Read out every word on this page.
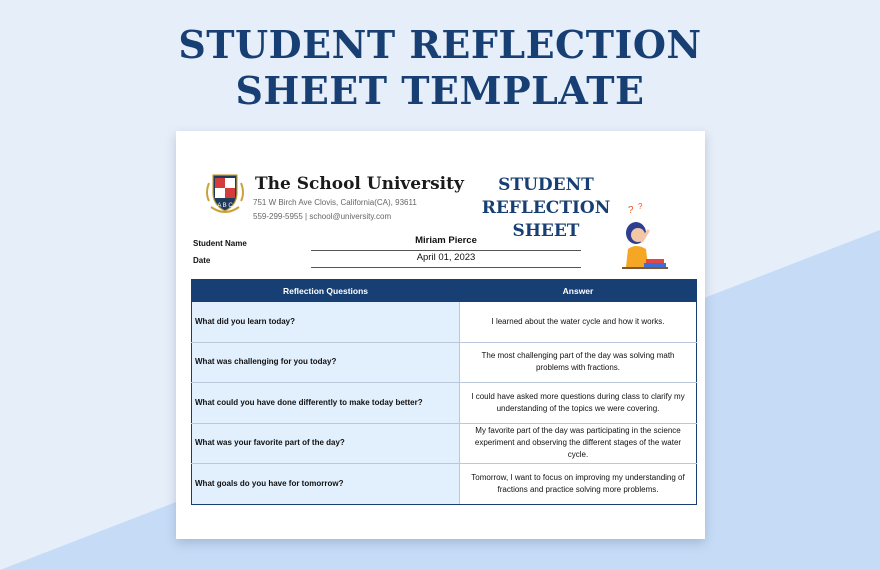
STUDENT REFLECTION
SHEET TEMPLATE
A B C
The School University
751 W Birch Ave Clovis, California(CA), 93611
559-299-5955 | school@university.com
STUDENT REFLECTION
SHEET
? ?
Student Name	Miriam Pierce
Date	April 01, 2023
Reflection Questions	Answer
What did you learn today?	I learned about the water cycle and how it works.
What was challenging for you today?	The most challenging part of the day was solving math problems with fractions.
What could you have done differently to make today better?	I could have asked more questions during class to clarify my understanding of the topics we were covering.
What was your favorite part of the day?	My favorite part of the day was participating in the science experiment and observing the different stages of the water cycle.
What goals do you have for tomorrow?	Tomorrow, I want to focus on improving my understanding of fractions and practice solving more problems.
